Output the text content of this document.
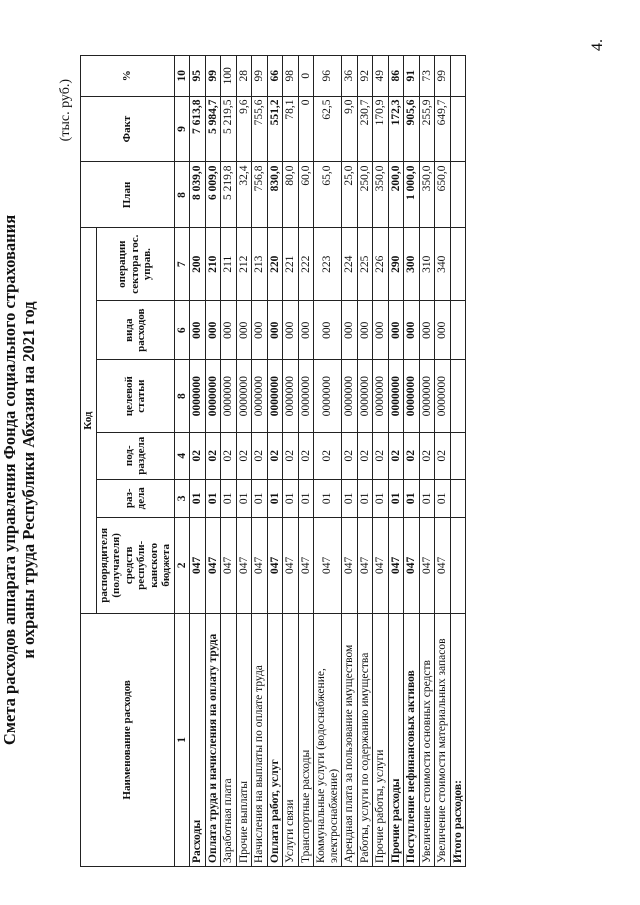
4.
Смета расходов аппарата управления Фонда социального страхования и охраны труда Республики Абхазия на 2021 год
(тыс. руб.)
Наименование расходов	Код						План	Факт	%
	распорядителя (получателя) средств республи-канского бюджета	раз-дела	под-раздела	целевой статьи	вида расходов	операции сектора гос. управ.			
1	2	3	4	8	6	7	8	9	10
Расходы	047	01	02	0000000	000	200	8 039,0	7 613,8	95
Оплата труда и начисления на оплату труда	047	01	02	0000000	000	210	6 009,0	5 984,7	99
Заработная плата	047	01	02	0000000	000	211	5 219,8	5 219,5	100
Прочие выплаты	047	01	02	0000000	000	212	32,4	9,6	28
Начисления на выплаты по оплате труда	047	01	02	0000000	000	213	756,8	755,6	99
Оплата работ, услуг	047	01	02	0000000	000	220	830,0	551,2	66
Услуги связи	047	01	02	0000000	000	221	80,0	78,1	98
Транспортные расходы	047	01	02	0000000	000	222	60,0	0	0
Коммунальные услуги (водоснабжение, электроснабжение)	047	01	02	0000000	000	223	65,0	62,5	96
Арендная плата за пользование имуществом	047	01	02	0000000	000	224	25,0	9,0	36
Работы, услуги по содержанию имущества	047	01	02	0000000	000	225	250,0	230,7	92
Прочие работы, услуги	047	01	02	0000000	000	226	350,0	170,9	49
Прочие расходы	047	01	02	0000000	000	290	200,0	172,3	86
Поступление нефинансовых активов	047	01	02	0000000	000	300	1 000,0	905,6	91
Увеличение стоимости основных средств	047	01	02	0000000	000	310	350,0	255,9	73
Увеличение стоимости материальных запасов	047	01	02	0000000	000	340	650,0	649,7	99
Итого расходов:									
